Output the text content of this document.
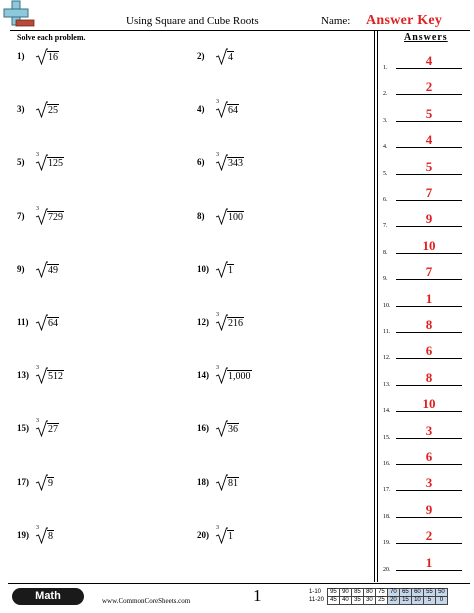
Using Square and Cube Roots	Name: Answer Key
Solve each problem.
1) 16	2) 4
3) 25	4)
3
64
5)
3
125	6)
3
343
7)
3
729	8) 100
9) 49	10) 1
11) 64	12)
3
216
13)
3
512	14)
3
1,000
15)
3
27	16) 36
17) 9	18) 81
19)
3
8	20)
3
1
Answers
1.	4
2.	2
3.	5
4.	4
5.	5
6.	7
7.	9
8.	10
9.	7
10.	1
11.	8
12.	6
13.	8
14.	10
15.	3
16.	6
17.	3
18.	9
19.	2
20.	1
Math	www.CommonCoreSheets.com	1	1-10	95	90	85	80	75	70	65	60	55	50
11-20	45	40	35	30	25	20	15	10	5	0
